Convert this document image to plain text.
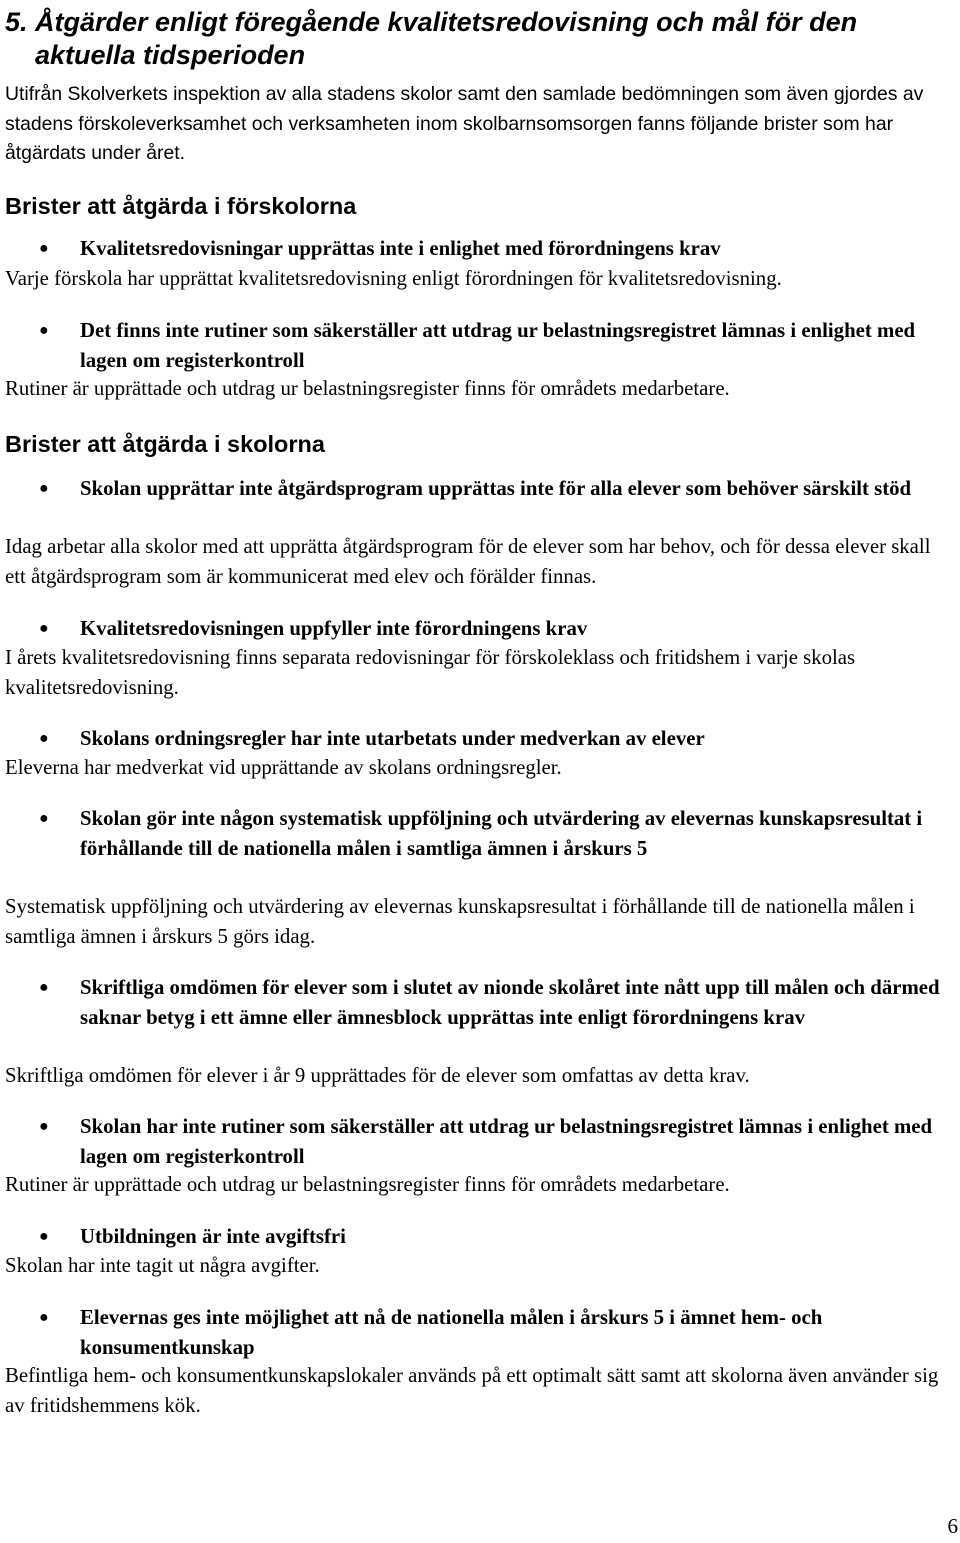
5. Åtgärder enligt föregående kvalitetsredovisning och mål för den aktuella tidsperioden

Utifrån Skolverkets inspektion av alla stadens skolor samt den samlade bedömningen som även gjordes av stadens förskoleverksamhet och verksamheten inom skolbarnsomsorgen fanns följande brister som har åtgärdats under året.

Brister att åtgärda i förskolorna
●	Kvalitetsredovisningar upprättas inte i enlighet med förordningens krav

Varje förskola har upprättat kvalitetsredovisning enligt förordningen för kvalitetsredovisning.

●	Det finns inte rutiner som säkerställer att utdrag ur belastningsregistret lämnas i enlighet med lagen om registerkontroll

Rutiner är upprättade och utdrag ur belastningsregister finns för områdets medarbetare.

Brister att åtgärda i skolorna
●	Skolan upprättar inte åtgärdsprogram upprättas inte för alla elever som behöver särskilt stöd

Idag arbetar alla skolor med att upprätta åtgärdsprogram för de elever som har behov, och för dessa elever skall ett åtgärdsprogram som är kommunicerat med elev och förälder finnas.

●	Kvalitetsredovisningen uppfyller inte förordningens krav

I årets kvalitetsredovisning finns separata redovisningar för förskoleklass och fritidshem i varje skolas kvalitetsredovisning.

●	Skolans ordningsregler har inte utarbetats under medverkan av elever

Eleverna har medverkat vid upprättande av skolans ordningsregler.

●	Skolan gör inte någon systematisk uppföljning och utvärdering av elevernas kunskapsresultat i förhållande till de nationella målen i samtliga ämnen i årskurs 5

Systematisk uppföljning och utvärdering av elevernas kunskapsresultat i förhållande till de nationella målen i samtliga ämnen i årskurs 5 görs idag.

●	Skriftliga omdömen för elever som i slutet av nionde skolåret inte nått upp till målen och därmed saknar betyg i ett ämne eller ämnesblock upprättas inte enligt förordningens krav

Skriftliga omdömen för elever i år 9 upprättades för de elever som omfattas av detta krav.

●	Skolan har inte rutiner som säkerställer att utdrag ur belastningsregistret lämnas i enlighet med lagen om registerkontroll

Rutiner är upprättade och utdrag ur belastningsregister finns för områdets medarbetare.

●	Utbildningen är inte avgiftsfri

Skolan har inte tagit ut några avgifter.

●	Elevernas ges inte möjlighet att nå de nationella målen i årskurs 5 i ämnet hem- och konsumentkunskap

Befintliga hem- och konsumentkunskapslokaler används på ett optimalt sätt samt att skolorna även använder sig av fritidshemmens kök.

6
